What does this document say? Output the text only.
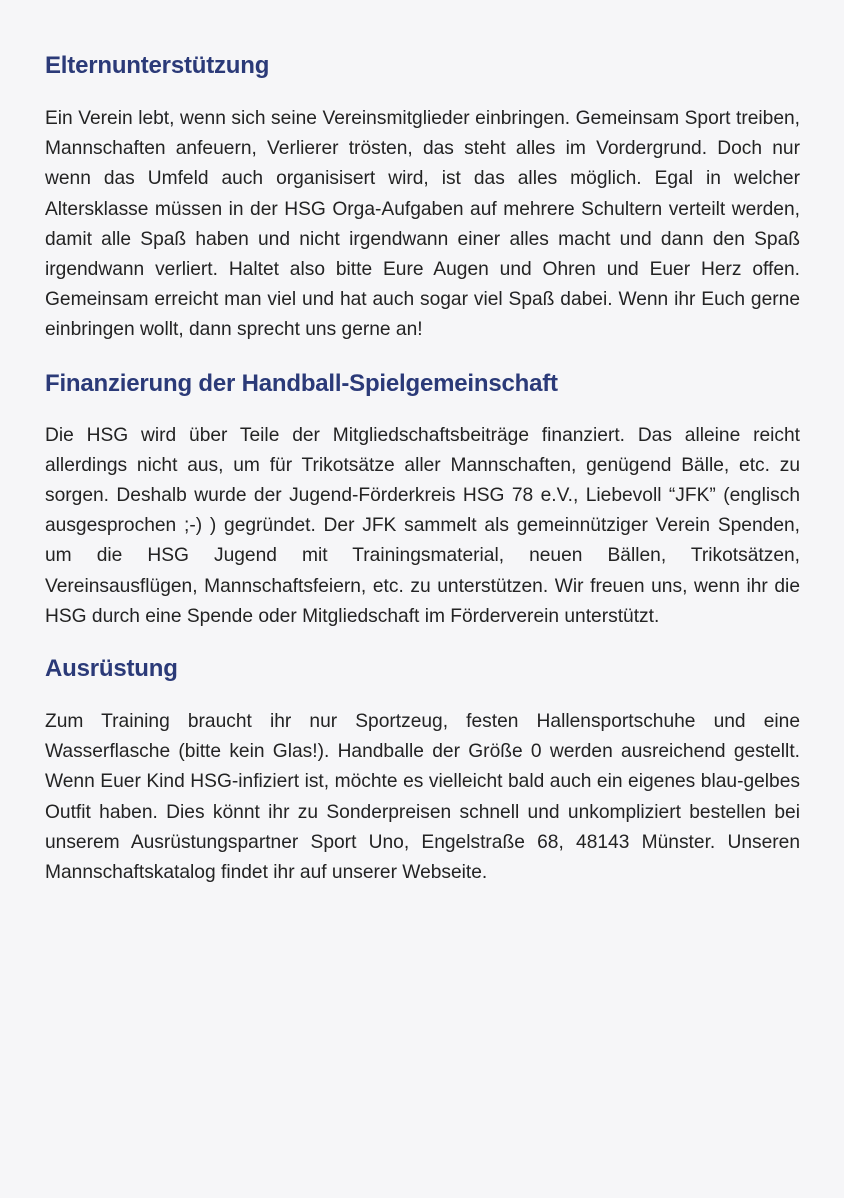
Elternunterstützung

Ein Verein lebt, wenn sich seine Vereinsmitglieder einbringen. Gemeinsam Sport treiben, Mannschaften anfeuern, Verlierer trösten, das steht alles im Vordergrund. Doch nur wenn das Umfeld auch organisisert wird, ist das alles möglich. Egal in welcher Altersklasse müssen in der HSG Orga-Aufgaben auf mehrere Schultern verteilt werden, damit alle Spaß haben und nicht irgendwann einer alles macht und dann den Spaß irgendwann verliert. Haltet also bitte Eure Augen und Ohren und Euer Herz offen. Gemeinsam erreicht man viel und hat auch sogar viel Spaß dabei. Wenn ihr Euch gerne einbringen wollt, dann sprecht uns gerne an!

Finanzierung der Handball-Spielgemeinschaft

Die HSG wird über Teile der Mitgliedschaftsbeiträge finanziert. Das alleine reicht allerdings nicht aus, um für Trikotsätze aller Mannschaften, genügend Bälle, etc. zu sorgen. Deshalb wurde der Jugend-Förderkreis HSG 78 e.V., Liebevoll “JFK” (englisch ausgesprochen ;-) ) gegründet. Der JFK sammelt als gemeinnütziger Verein Spenden, um die HSG Jugend mit Trainingsmaterial, neuen Bällen, Trikotsätzen, Vereinsausflügen, Mannschaftsfeiern, etc. zu unterstützen. Wir freuen uns, wenn ihr die HSG durch eine Spende oder Mitgliedschaft im Förderverein unterstützt.

Ausrüstung

Zum Training braucht ihr nur Sportzeug, festen Hallensportschuhe und eine Wasserflasche (bitte kein Glas!). Handballe der Größe 0 werden ausreichend gestellt. Wenn Euer Kind HSG-infiziert ist, möchte es vielleicht bald auch ein eigenes blau-gelbes Outfit haben. Dies könnt ihr zu Sonderpreisen schnell und unkompliziert bestellen bei unserem Ausrüstungspartner Sport Uno, Engelstraße 68, 48143 Münster. Unseren Mannschaftskatalog findet ihr auf unserer Webseite.
